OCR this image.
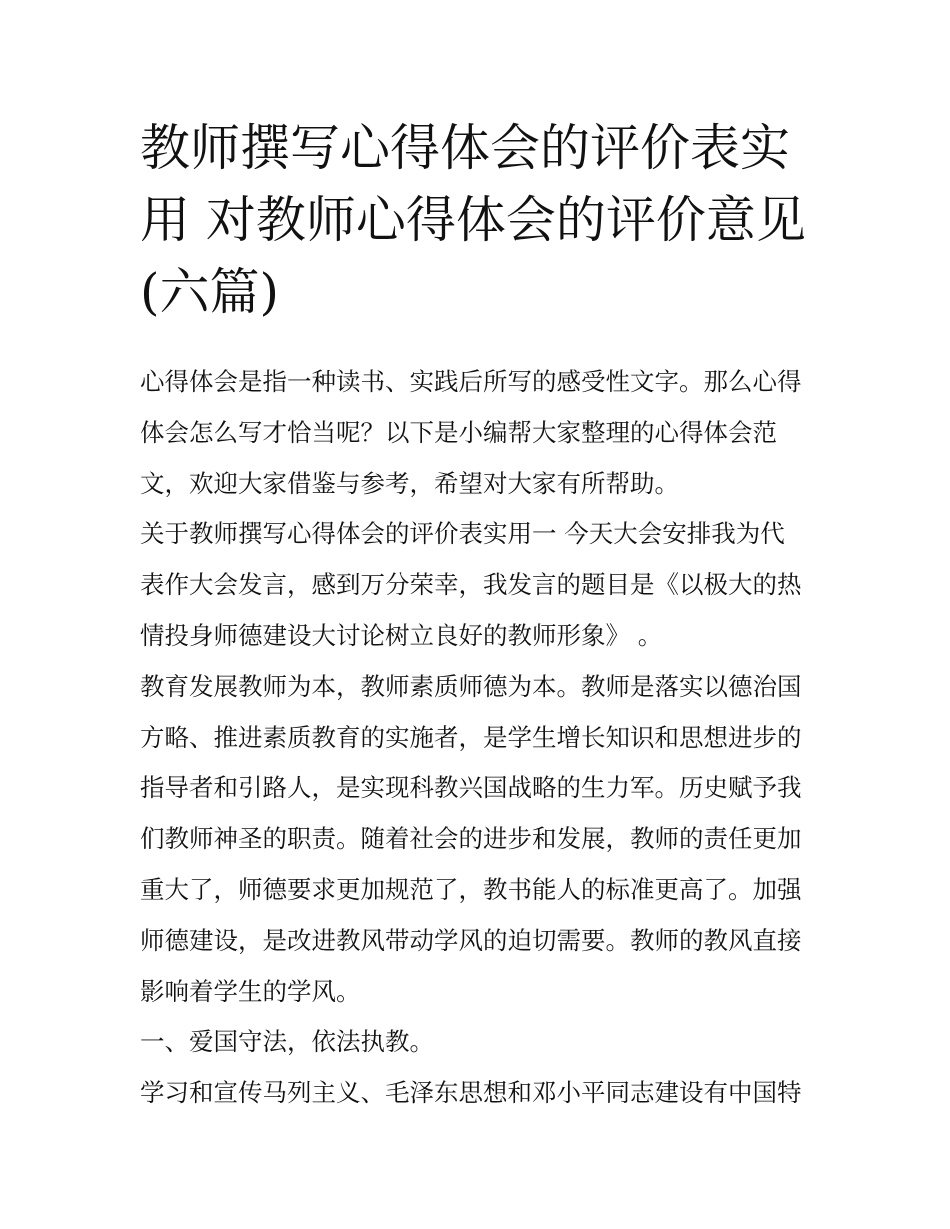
教师撰写心得体会的评价表实
用 对教师心得体会的评价意见
(六篇)
心得体会是指一种读书、实践后所写的感受性文字。那么心得
体会怎么写才恰当呢？以下是小编帮大家整理的心得体会范
文，欢迎大家借鉴与参考，希望对大家有所帮助。
关于教师撰写心得体会的评价表实用一 今天大会安排我为代
表作大会发言，感到万分荣幸，我发言的题目是《以极大的热
情投身师德建设大讨论树立良好的教师形象》 。
教育发展教师为本，教师素质师德为本。教师是落实以德治国
方略、推进素质教育的实施者，是学生增长知识和思想进步的
指导者和引路人，是实现科教兴国战略的生力军。历史赋予我
们教师神圣的职责。随着社会的进步和发展，教师的责任更加
重大了，师德要求更加规范了，教书能人的标准更高了。加强
师德建设，是改进教风带动学风的迫切需要。教师的教风直接
影响着学生的学风。
一、爱国守法，依法执教。
学习和宣传马列主义、毛泽东思想和邓小平同志建设有中国特
